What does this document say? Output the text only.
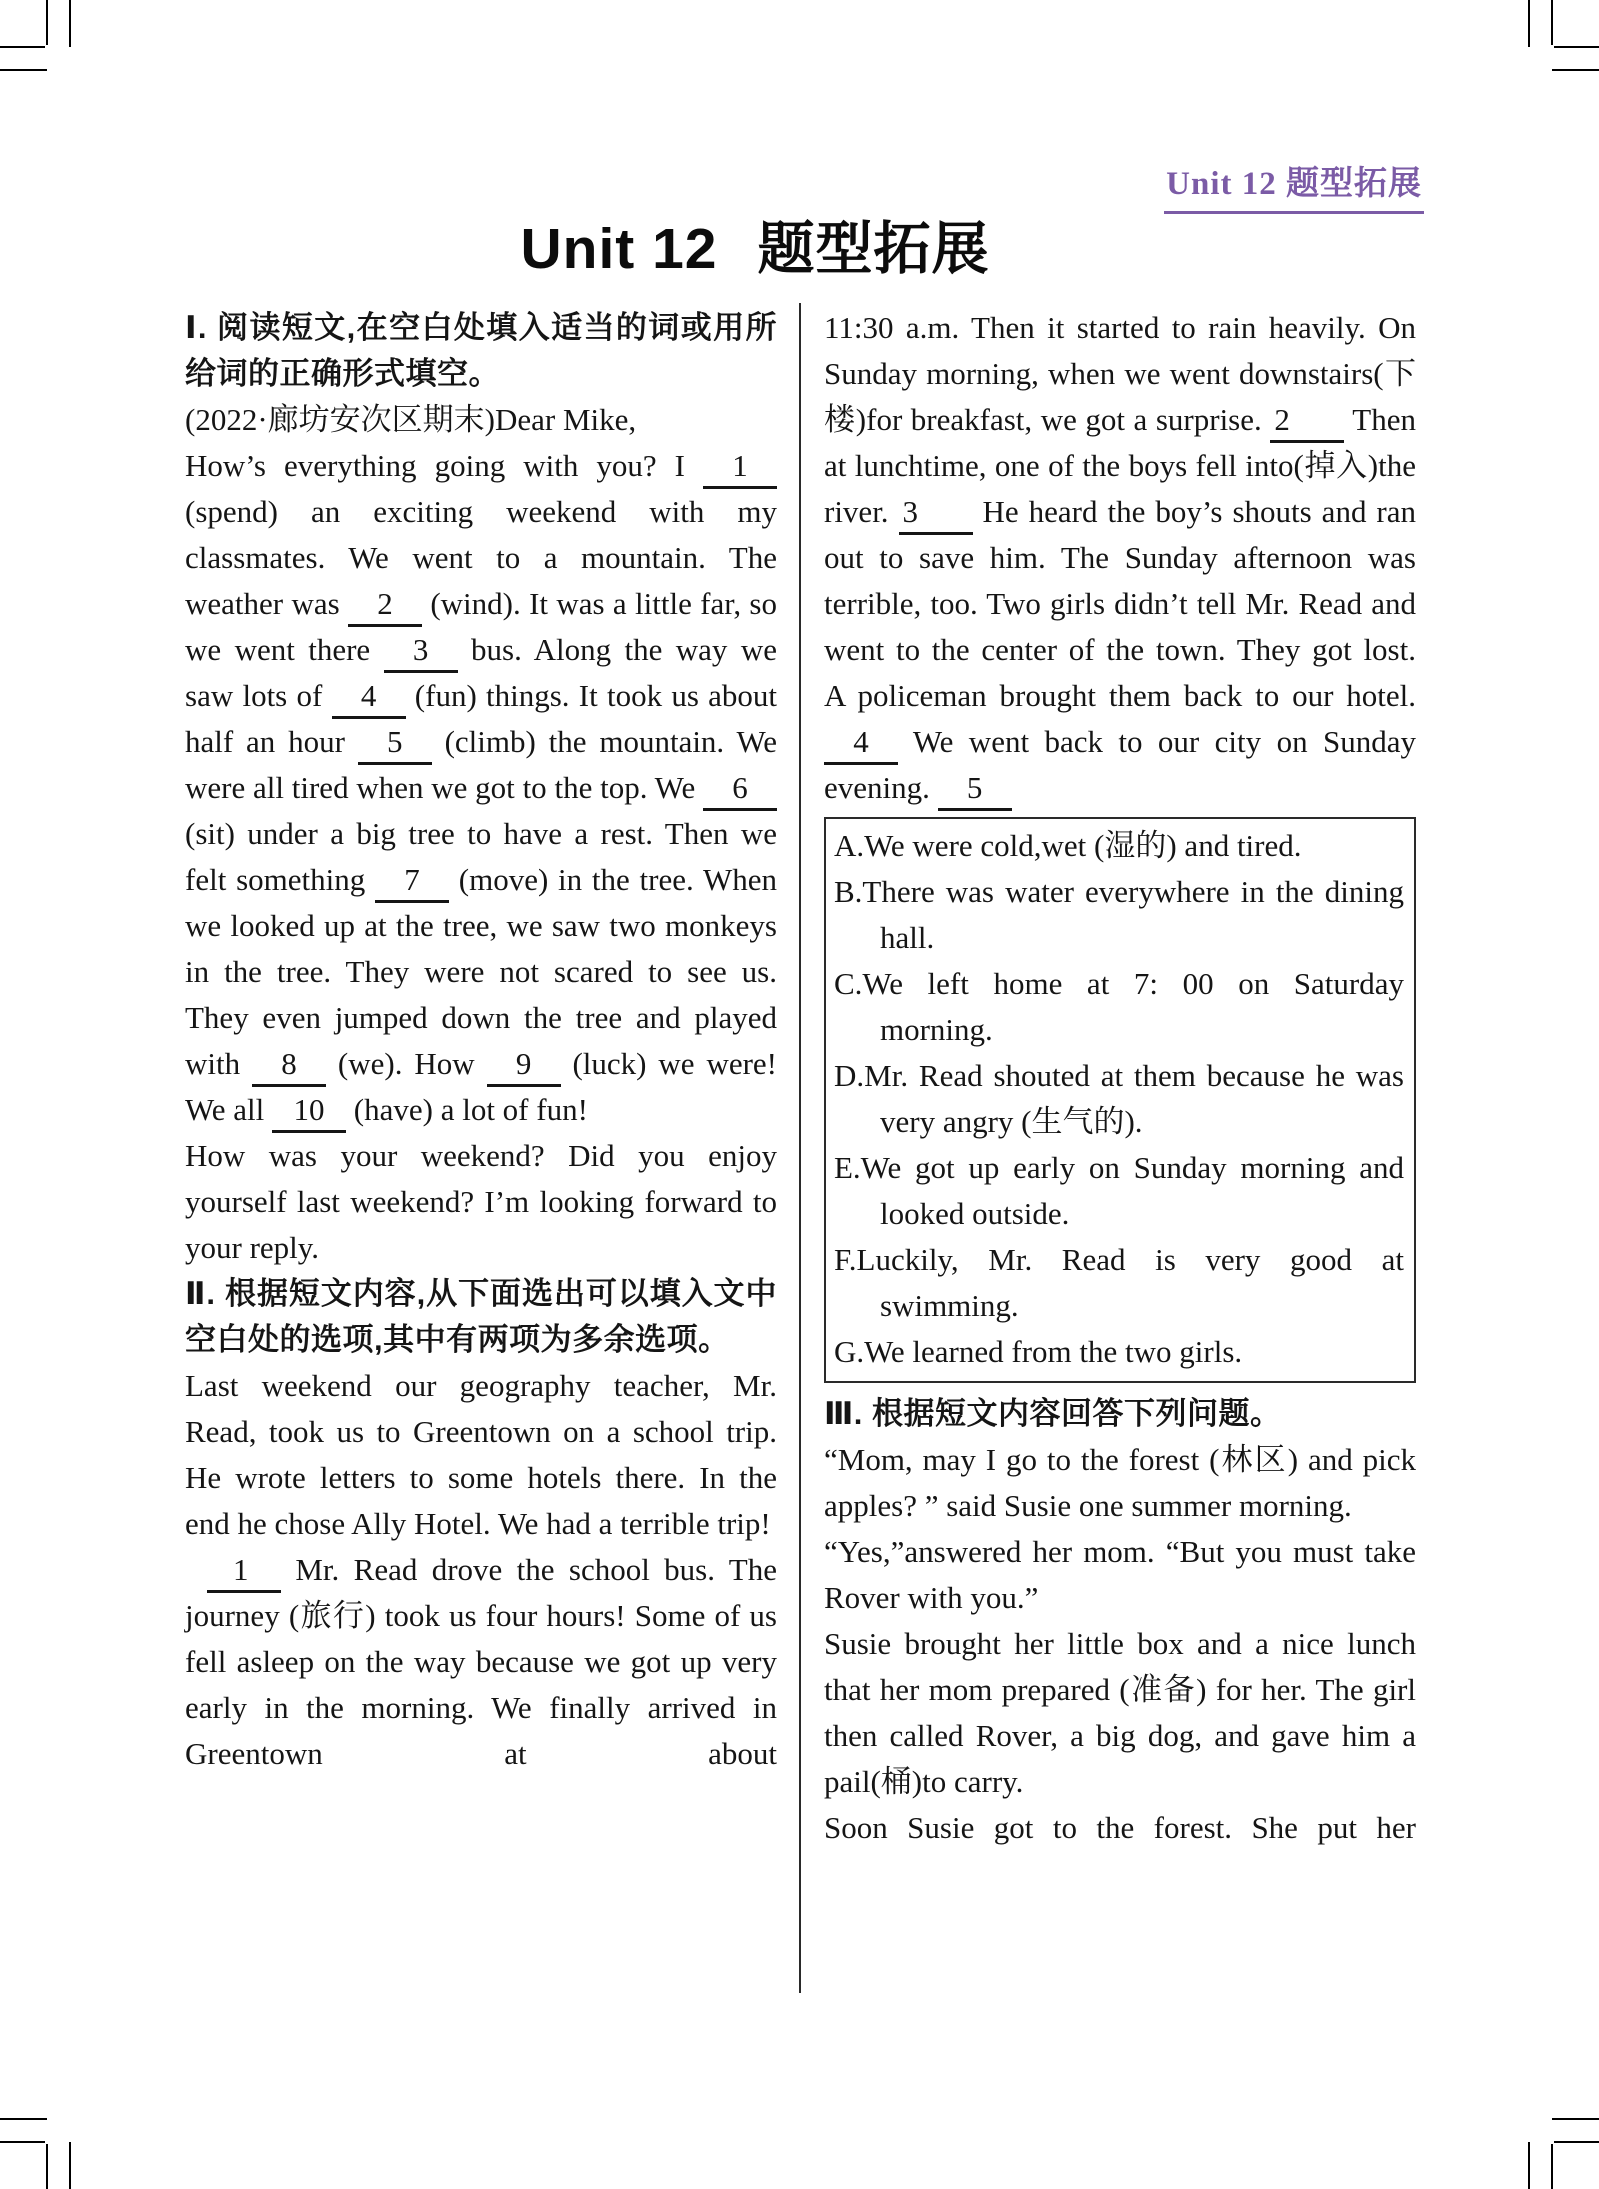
Unit 12 题型拓展
Unit 12 题型拓展

Ⅰ. 阅读短文,在空白处填入适当的词或用所给词的正确形式填空。

(2022·廊坊安次区期末)Dear Mike,

How’s everything going with you? I 1 (spend) an exciting weekend with my classmates. We went to a mountain. The weather was 2 (wind). It was a little far, so we went there 3 bus. Along the way we saw lots of 4 (fun) things. It took us about half an hour 5 (climb) the mountain. We were all tired when we got to the top. We 6 (sit) under a big tree to have a rest. Then we felt something 7 (move) in the tree. When we looked up at the tree, we saw two monkeys in the tree. They were not scared to see us. They even jumped down the tree and played with 8 (we). How 9 (luck) we were! We all 10 (have) a lot of fun!

How was your weekend? Did you enjoy yourself last weekend? I’m looking forward to your reply.

Ⅱ. 根据短文内容,从下面选出可以填入文中空白处的选项,其中有两项为多余选项。

Last weekend our geography teacher, Mr. Read, took us to Greentown on a school trip. He wrote letters to some hotels there. In the end he chose Ally Hotel. We had a terrible trip!

1 Mr. Read drove the school bus. The journey (旅行) took us four hours! Some of us fell asleep on the way because we got up very early in the morning. We finally arrived in Greentown at about

11:30 a.m. Then it started to rain heavily. On Sunday morning, when we went downstairs(下楼)for breakfast, we got a surprise. 2 Then at lunchtime, one of the boys fell into(掉入)the river. 3 He heard the boy’s shouts and ran out to save him. The Sunday afternoon was terrible, too. Two girls didn’t tell Mr. Read and went to the center of the town. They got lost.

A policeman brought them back to our hotel. 4 We went back to our city on Sunday evening. 5

A.We were cold,wet (湿的) and tired.
B.There was water everywhere in the dining hall.
C.We left home at 7: 00 on Saturday morning.
D.Mr. Read shouted at them because he was very angry (生气的).
E.We got up early on Sunday morning and looked outside.
F.Luckily, Mr. Read is very good at swimming.
G.We learned from the two girls.

Ⅲ. 根据短文内容回答下列问题。

“Mom, may I go to the forest (林区) and pick apples? ” said Susie one summer morning.

“Yes,”answered her mom. “But you must take Rover with you.”

Susie brought her little box and a nice lunch that her mom prepared (准备) for her. The girl then called Rover, a big dog, and gave him a pail(桶)to carry.

Soon Susie got to the forest. She put her
